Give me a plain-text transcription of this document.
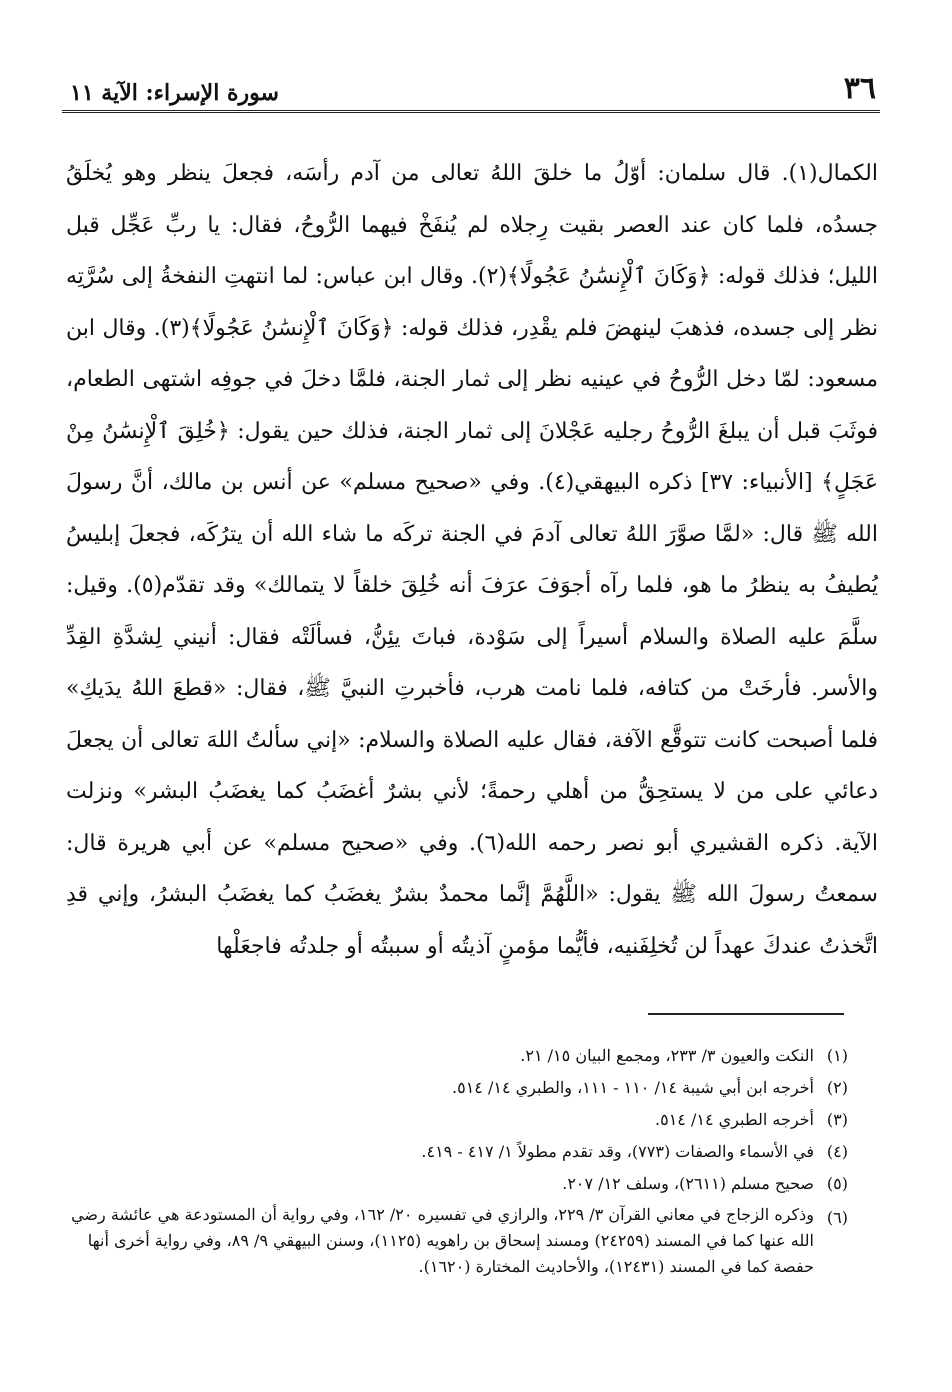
٣٦
سورة الإسراء: الآية ١١

الكمال(١). قال سلمان: أوّلُ ما خلقَ اللهُ تعالى من آدم رأسَه، فجعلَ ينظر وهو يُخلَقُ جسدُه، فلما كان عند العصر بقيت رِجلاه لم يُنفَخْ فيهما الرُّوحُ، فقال: يا ربِّ عَجِّل قبل الليل؛ فذلك قوله: ﴿وَكَانَ ٱلْإِنسَٰنُ عَجُولًا﴾(٢). وقال ابن عباس: لما انتهتِ النفخةُ إلى سُرَّتِه نظر إلى جسده، فذهبَ لينهضَ فلم يقْدِر، فذلك قوله: ﴿وَكَانَ ٱلْإِنسَٰنُ عَجُولًا﴾(٣). وقال ابن مسعود: لمّا دخل الرُّوحُ في عينيه نظر إلى ثمار الجنة، فلمَّا دخلَ في جوفِه اشتهى الطعام، فوثَبَ قبل أن يبلغَ الرُّوحُ رجليه عَجْلانَ إلى ثمار الجنة، فذلك حين يقول: ﴿خُلِقَ ٱلْإِنسَٰنُ مِنْ عَجَلٍ﴾ [الأنبياء: ٣٧] ذكره البيهقي(٤). وفي «صحيح مسلم» عن أنس بن مالك، أنَّ رسولَ الله ﷺ قال: «لمَّا صوَّرَ اللهُ تعالى آدمَ في الجنة تركَه ما شاء الله أن يترُكَه، فجعلَ إبليسُ يُطيفُ به ينظرُ ما هو، فلما رآه أجوَفَ عرَفَ أنه خُلِقَ خلقاً لا يتمالك» وقد تقدّم(٥). وقيل: سلَّمَ عليه الصلاة والسلام أسيراً إلى سَوْدة، فباتَ يئِنُّ، فسألَتْه فقال: أنيني لِشدَّةِ القِدِّ والأسر. فأرخَتْ من كتافه، فلما نامت هرب، فأخبرتِ النبيَّ ﷺ، فقال: «قطعَ اللهُ يدَيكِ» فلما أصبحت كانت تتوقَّع الآفة، فقال عليه الصلاة والسلام: «إني سألتُ اللهَ تعالى أن يجعلَ دعائي على من لا يستحِقُّ من أهلي رحمةً؛ لأني بشرٌ أغضَبُ كما يغضَبُ البشر» ونزلت الآية. ذكره القشيري أبو نصر رحمه الله(٦). وفي «صحيح مسلم» عن أبي هريرة قال: سمعتُ رسولَ الله ﷺ يقول: «اللَّهُمَّ إنَّما محمدٌ بشرٌ يغضَبُ كما يغضَبُ البشرُ، وإني قدِ اتَّخذتُ عندكَ عهداً لن تُخلِفَنيه، فأيُّما مؤمنٍ آذيتُه أو سببتُه أو جلدتُه فاجعَلْها

(١)
النكت والعيون ٣/ ٢٣٣، ومجمع البيان ١٥/ ٢١.
(٢)
أخرجه ابن أبي شيبة ١٤/ ١١٠ - ١١١، والطبري ١٤/ ٥١٤.
(٣)
أخرجه الطبري ١٤/ ٥١٤.
(٤)
في الأسماء والصفات (٧٧٣)، وقد تقدم مطولاً ١/ ٤١٧ - ٤١٩.
(٥)
صحيح مسلم (٢٦١١)، وسلف ١٢/ ٢٠٧.
(٦)
وذكره الزجاج في معاني القرآن ٣/ ٢٢٩، والرازي في تفسيره ٢٠/ ١٦٢، وفي رواية أن المستودعة هي عائشة رضي الله عنها كما في المسند (٢٤٢٥٩) ومسند إسحاق بن راهويه (١١٢٥)، وسنن البيهقي ٩/ ٨٩، وفي رواية أخرى أنها حفصة كما في المسند (١٢٤٣١)، والأحاديث المختارة (١٦٢٠).
